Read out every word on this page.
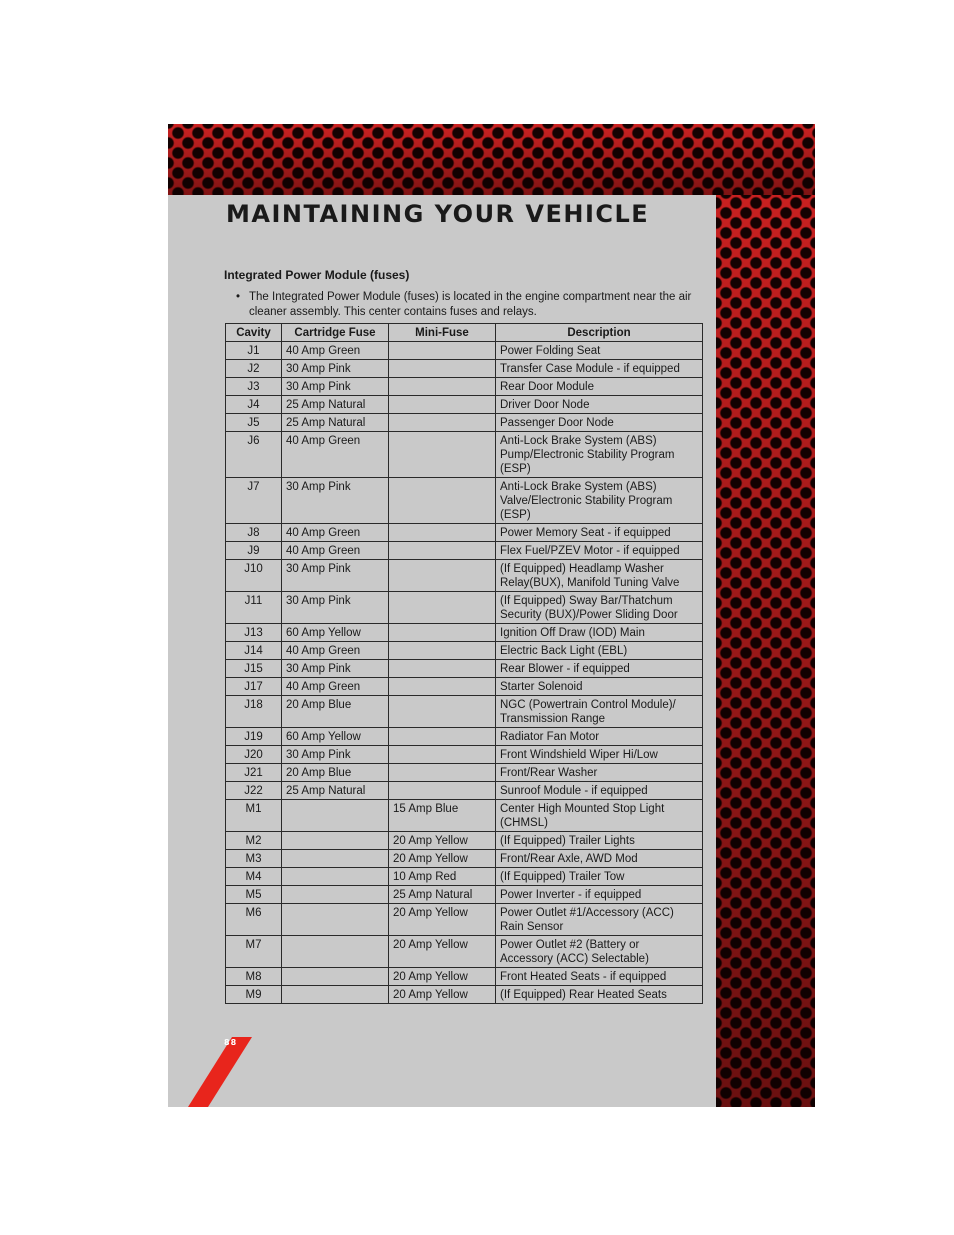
MAINTAINING YOUR VEHICLE
Integrated Power Module (fuses)

• The Integrated Power Module (fuses) is located in the engine compartment near the air cleaner assembly. This center contains fuses and relays.

Cavity	Cartridge Fuse	Mini-Fuse	Description
J1	40 Amp Green		Power Folding Seat

J2	30 Amp Pink		Transfer Case Module - if equipped

J3	30 Amp Pink		Rear Door Module

J4	25 Amp Natural		Driver Door Node

J5	25 Amp Natural		Passenger Door Node

J6	40 Amp Green		Anti-Lock Brake System (ABS)
Pump/Electronic Stability Program
(ESP)

J7	30 Amp Pink		Anti-Lock Brake System (ABS)
Valve/Electronic Stability Program
(ESP)

J8	40 Amp Green		Power Memory Seat - if equipped

J9	40 Amp Green		Flex Fuel/PZEV Motor - if equipped

J10	30 Amp Pink		(If Equipped) Headlamp Washer
Relay(BUX), Manifold Tuning Valve

J11	30 Amp Pink		(If Equipped) Sway Bar/Thatchum
Security (BUX)/Power Sliding Door

J13	60 Amp Yellow		Ignition Off Draw (IOD) Main

J14	40 Amp Green		Electric Back Light (EBL)

J15	30 Amp Pink		Rear Blower - if equipped

J17	40 Amp Green		Starter Solenoid

J18	20 Amp Blue		NGC (Powertrain Control Module)/
Transmission Range

J19	60 Amp Yellow		Radiator Fan Motor

J20	30 Amp Pink		Front Windshield Wiper Hi/Low

J21	20 Amp Blue		Front/Rear Washer

J22	25 Amp Natural		Sunroof Module - if equipped

M1		15 Amp Blue	Center High Mounted Stop Light
(CHMSL)

M2		20 Amp Yellow	(If Equipped) Trailer Lights

M3		20 Amp Yellow	Front/Rear Axle, AWD Mod

M4		10 Amp Red	(If Equipped) Trailer Tow

M5		25 Amp Natural	Power Inverter - if equipped

M6		20 Amp Yellow	Power Outlet #1/Accessory (ACC)
Rain Sensor

M7		20 Amp Yellow	Power Outlet #2 (Battery or
Accessory (ACC) Selectable)

M8		20 Amp Yellow	Front Heated Seats - if equipped

M9		20 Amp Yellow	(If Equipped) Rear Heated Seats
88
